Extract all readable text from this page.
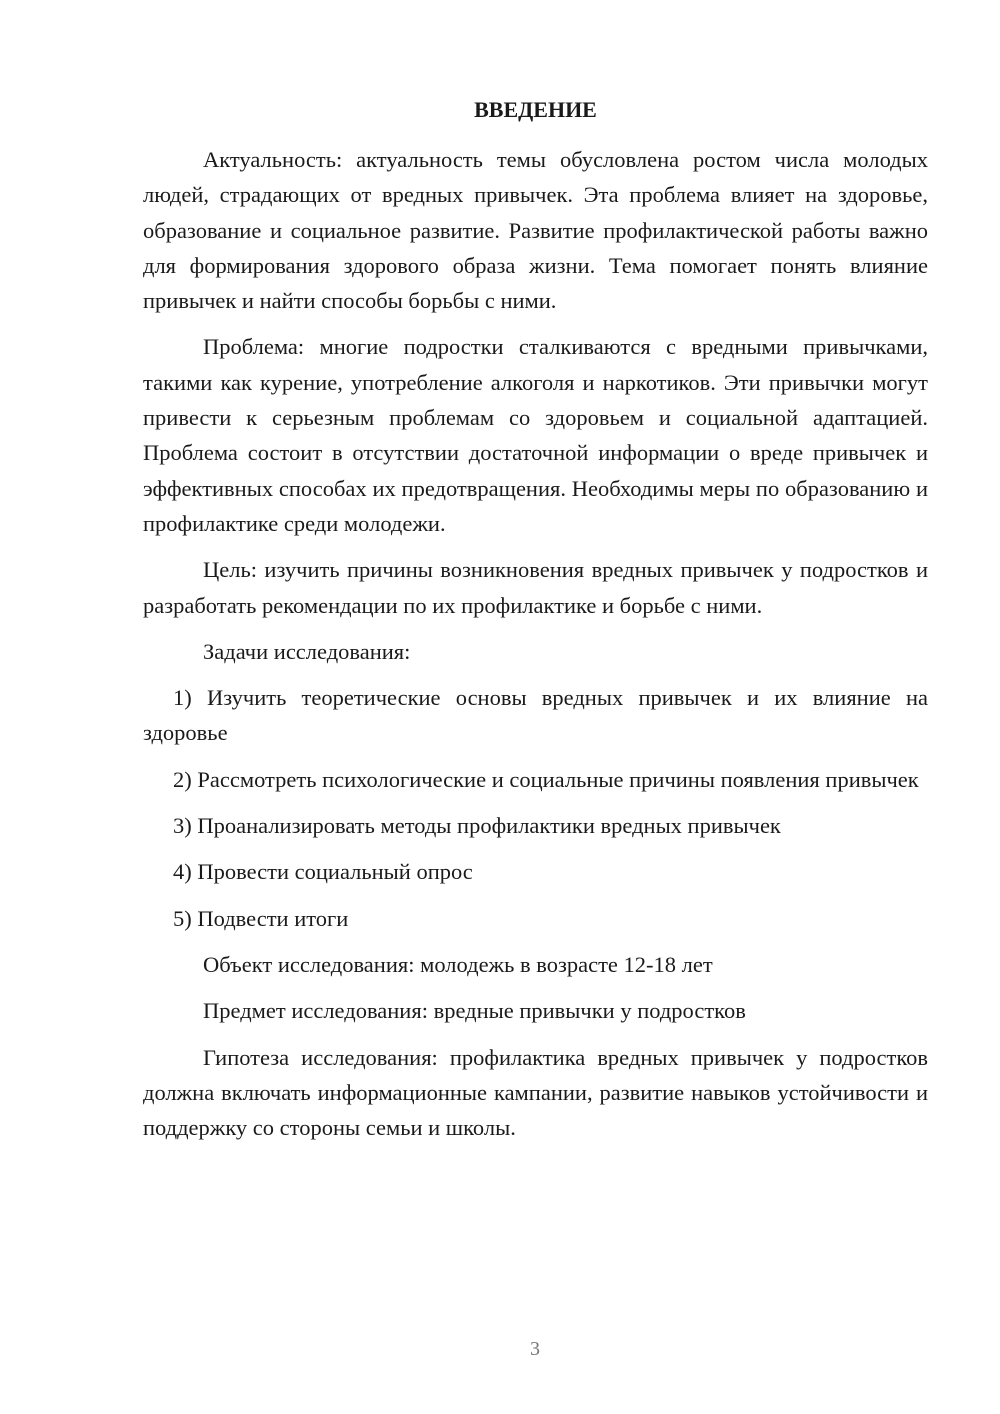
ВВЕДЕНИЕ

Актуальность: актуальность темы обусловлена ростом числа молодых людей, страдающих от вредных привычек. Эта проблема влияет на здоровье, образование и социальное развитие. Развитие профилактической работы важно для формирования здорового образа жизни. Тема помогает понять влияние привычек и найти способы борьбы с ними.

Проблема: многие подростки сталкиваются с вредными привычками, такими как курение, употребление алкоголя и наркотиков. Эти привычки могут привести к серьезным проблемам со здоровьем и социальной адаптацией. Проблема состоит в отсутствии достаточной информации о вреде привычек и эффективных способах их предотвращения. Необходимы меры по образованию и профилактике среди молодежи.

Цель: изучить причины возникновения вредных привычек у подростков и разработать рекомендации по их профилактике и борьбе с ними.

Задачи исследования:

1) Изучить теоретические основы вредных привычек и их влияние на здоровье

2) Рассмотреть психологические и социальные причины появления привычек

3) Проанализировать методы профилактики вредных привычек

4) Провести социальный опрос

5) Подвести итоги

Объект исследования: молодежь в возрасте 12-18 лет

Предмет исследования: вредные привычки у подростков

Гипотеза исследования: профилактика вредных привычек у подростков должна включать информационные кампании, развитие навыков устойчивости и поддержку со стороны семьи и школы.

3
